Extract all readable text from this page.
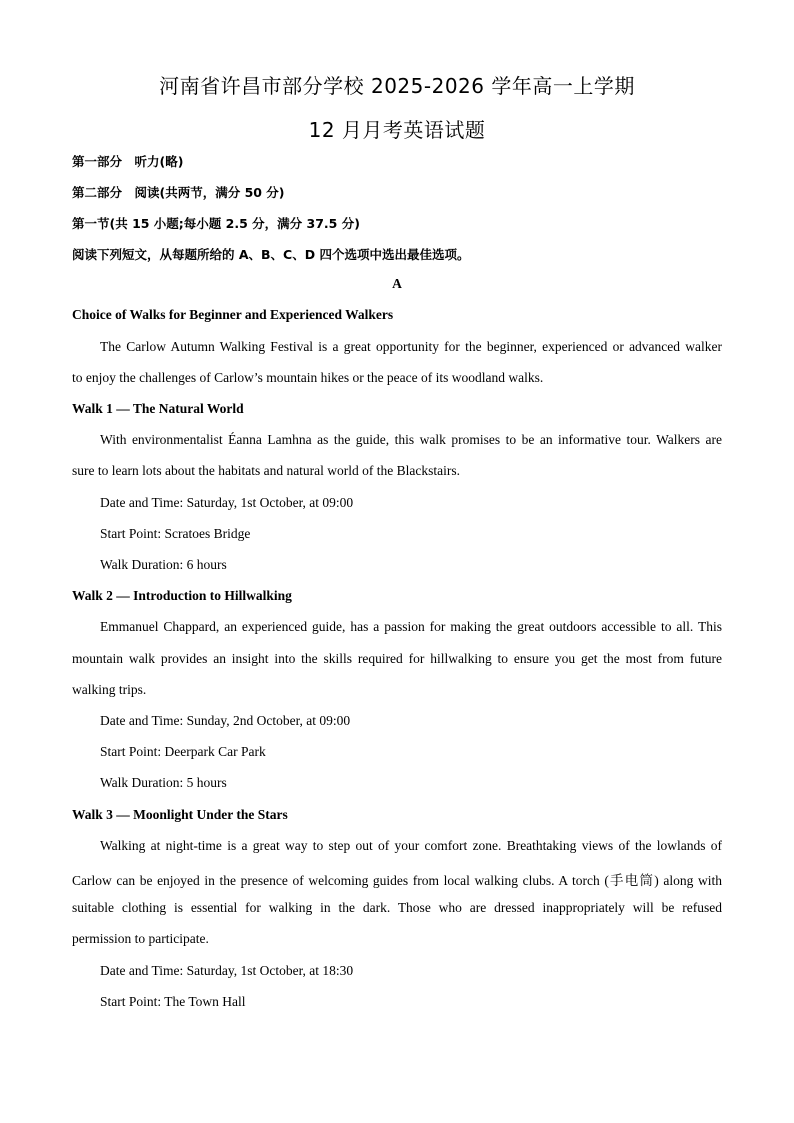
河南省许昌市部分学校 2025-2026 学年高一上学期
12 月月考英语试题
第一部分　听力(略)
第二部分　阅读(共两节，满分 50 分)
第一节(共 15 小题;每小题 2.5 分，满分 37.5 分)
阅读下列短文，从每题所给的 A、B、C、D 四个选项中选出最佳选项。
A
Choice of Walks for Beginner and Experienced Walkers
The Carlow Autumn Walking Festival is a great opportunity for the beginner, experienced or advanced walker
to enjoy the challenges of Carlow’s mountain hikes or the peace of its woodland walks.
Walk 1 — The Natural World
With environmentalist Éanna Lamhna as the guide, this walk promises to be an informative tour. Walkers are
sure to learn lots about the habitats and natural world of the Blackstairs.
Date and Time: Saturday, 1st October, at 09:00
Start Point: Scratoes Bridge
Walk Duration: 6 hours
Walk 2 — Introduction to Hillwalking
Emmanuel Chappard, an experienced guide, has a passion for making the great outdoors accessible to all. This
mountain walk provides an insight into the skills required for hillwalking to ensure you get the most from future
walking trips.
Date and Time: Sunday, 2nd October, at 09:00
Start Point: Deerpark Car Park
Walk Duration: 5 hours
Walk 3 — Moonlight Under the Stars
Walking at night-time is a great way to step out of your comfort zone. Breathtaking views of the lowlands of
Carlow can be enjoyed in the presence of welcoming guides from local walking clubs. A torch (手电筒) along with
suitable clothing is essential for walking in the dark. Those who are dressed inappropriately will be refused
permission to participate.
Date and Time: Saturday, 1st October, at 18:30
Start Point: The Town Hall
